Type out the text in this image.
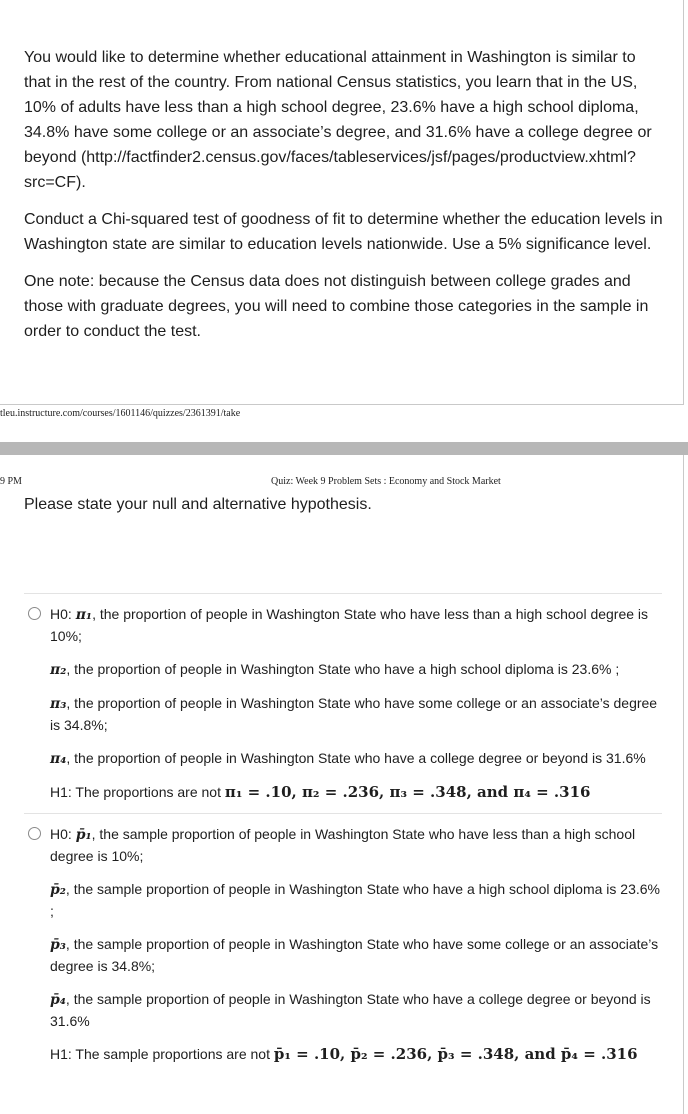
You would like to determine whether educational attainment in Washington is similar to that in the rest of the country. From national Census statistics, you learn that in the US, 10% of adults have less than a high school degree, 23.6% have a high school diploma, 34.8% have some college or an associate’s degree, and 31.6% have a college degree or beyond (http://factfinder2.census.gov/faces/tableservices/jsf/pages/productview.xhtml?src=CF).

Conduct a Chi-squared test of goodness of fit to determine whether the education levels in Washington state are similar to education levels nationwide. Use a 5% significance level.

One note: because the Census data does not distinguish between college grades and those with graduate degrees, you will need to combine those categories in the sample in order to conduct the test.

tleu.instructure.com/courses/1601146/quizzes/2361391/take
9 PM	Quiz: Week 9 Problem Sets : Economy and Stock Market
Please state your null and alternative hypothesis.

H0: π₁, the proportion of people in Washington State who have less than a high school degree is 10%;

π₂, the proportion of people in Washington State who have a high school diploma is 23.6% ;

π₃, the proportion of people in Washington State who have some college or an associate’s degree is 34.8%;

π₄, the proportion of people in Washington State who have a college degree or beyond is 31.6%

H1: The proportions are not π₁ = .10, π₂ = .236, π₃ = .348, and π₄ = .316

H0: p̄₁, the sample proportion of people in Washington State who have less than a high school degree is 10%;

p̄₂, the sample proportion of people in Washington State who have a high school diploma is 23.6% ;

p̄₃, the sample proportion of people in Washington State who have some college or an associate’s degree is 34.8%;

p̄₄, the sample proportion of people in Washington State who have a college degree or beyond is 31.6%

H1: The sample proportions are not p̄₁ = .10, p̄₂ = .236, p̄₃ = .348, and p̄₄ = .316
